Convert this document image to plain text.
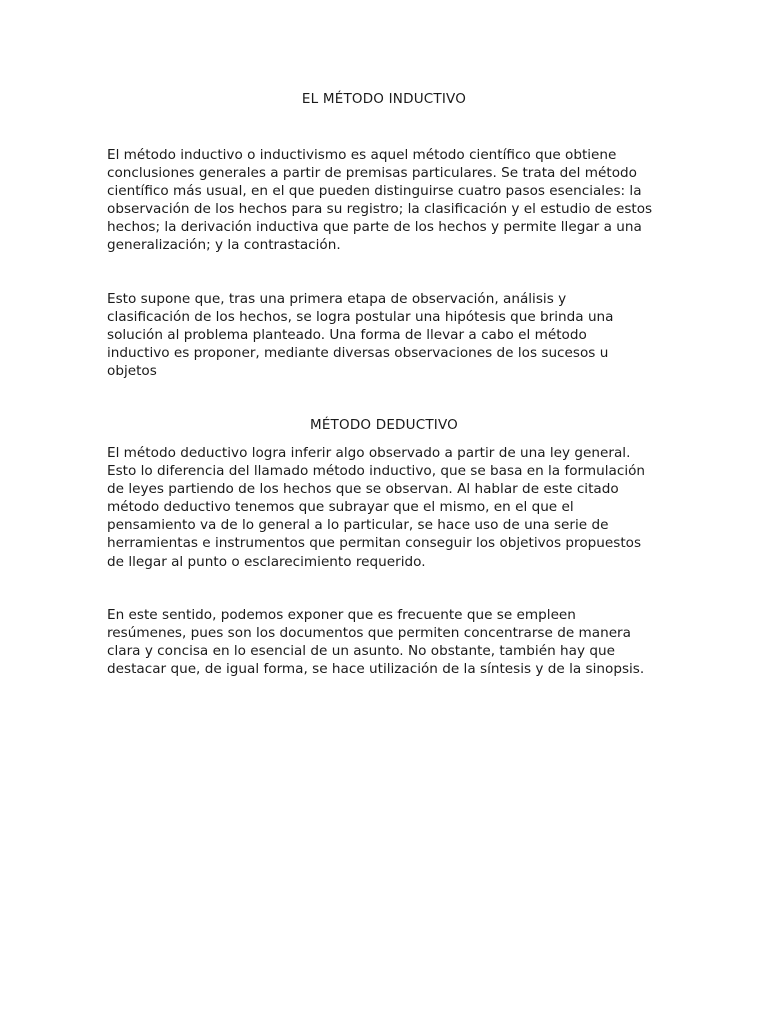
EL MÉTODO INDUCTIVO

El método inductivo o inductivismo es aquel método científico que obtiene
conclusiones generales a partir de premisas particulares. Se trata del método
científico más usual, en el que pueden distinguirse cuatro pasos esenciales: la
observación de los hechos para su registro; la clasificación y el estudio de estos
hechos; la derivación inductiva que parte de los hechos y permite llegar a una
generalización; y la contrastación.

Esto supone que, tras una primera etapa de observación, análisis y
clasificación de los hechos, se logra postular una hipótesis que brinda una
solución al problema planteado. Una forma de llevar a cabo el método
inductivo es proponer, mediante diversas observaciones de los sucesos u
objetos

MÉTODO DEDUCTIVO

El método deductivo logra inferir algo observado a partir de una ley general.
Esto lo diferencia del llamado método inductivo, que se basa en la formulación
de leyes partiendo de los hechos que se observan. Al hablar de este citado
método deductivo tenemos que subrayar que el mismo, en el que el
pensamiento va de lo general a lo particular, se hace uso de una serie de
herramientas e instrumentos que permitan conseguir los objetivos propuestos
de llegar al punto o esclarecimiento requerido.

En este sentido, podemos exponer que es frecuente que se empleen
resúmenes, pues son los documentos que permiten concentrarse de manera
clara y concisa en lo esencial de un asunto. No obstante, también hay que
destacar que, de igual forma, se hace utilización de la síntesis y de la sinopsis.
